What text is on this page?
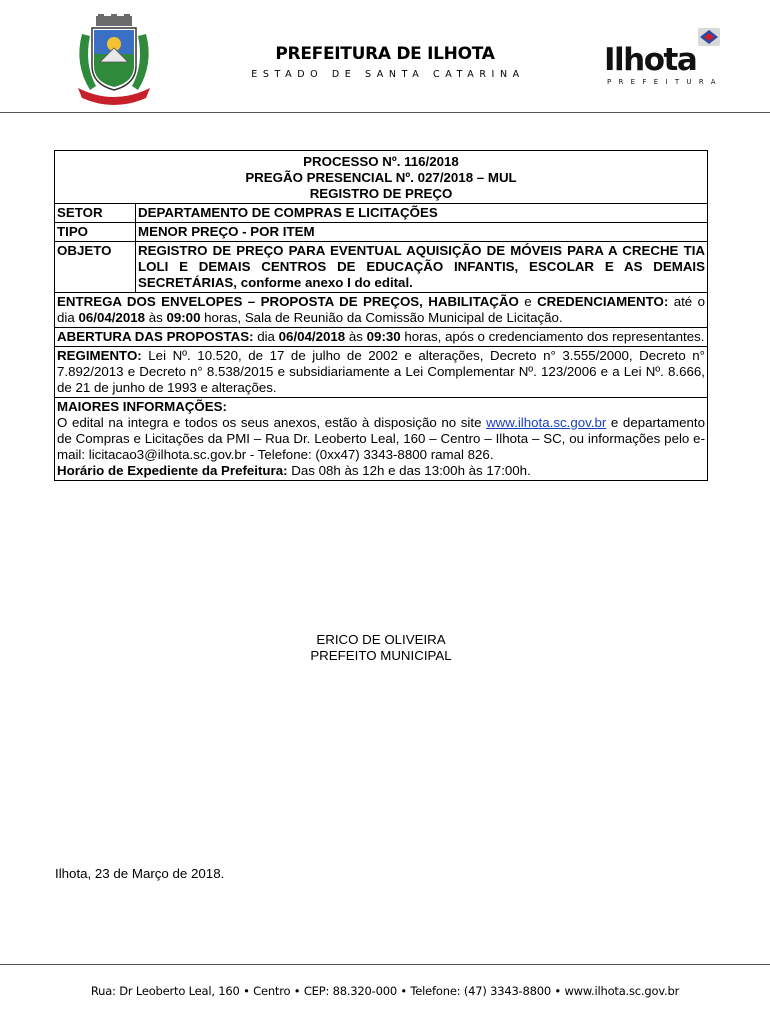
PREFEITURA DE ILHOTA
ESTADO DE SANTA CATARINA	Ilhota
PREFEITURA
PROCESSO Nº. 116/2018
PREGÃO PRESENCIAL Nº. 027/2018 – MUL
REGISTRO DE PREÇO	

SETOR	DEPARTAMENTO DE COMPRAS E LICITAÇÕES
TIPO	MENOR PREÇO - POR ITEM
OBJETO	REGISTRO DE PREÇO PARA EVENTUAL AQUISIÇÃO DE MÓVEIS PARA A CRECHE TIA LOLI E DEMAIS CENTROS DE EDUCAÇÃO INFANTIS, ESCOLAR E AS DEMAIS SECRETÁRIAS, conforme anexo I do edital.
ENTREGA DOS ENVELOPES – PROPOSTA DE PREÇOS, HABILITAÇÃO e CREDENCIAMENTO: até o dia 06/04/2018 às 09:00 horas, Sala de Reunião da Comissão Municipal de Licitação.	
ABERTURA DAS PROPOSTAS: dia 06/04/2018 às 09:30 horas, após o credenciamento dos representantes.	
REGIMENTO: Lei Nº. 10.520, de 17 de julho de 2002 e alterações, Decreto n° 3.555/2000, Decreto n° 7.892/2013 e Decreto n° 8.538/2015 e subsidiariamente a Lei Complementar Nº. 123/2006 e a Lei Nº. 8.666, de 21 de junho de 1993 e alterações.	

MAIORES INFORMAÇÕES:
O edital na integra e todos os seus anexos, estão à disposição no site www.ilhota.sc.gov.br e departamento de Compras e Licitações da PMI – Rua Dr. Leoberto Leal, 160 – Centro – Ilhota – SC, ou informações pelo e-mail: licitacao3@ilhota.sc.gov.br - Telefone: (0xx47) 3343-8800 ramal 826.
Horário de Expediente da Prefeitura: Das 08h às 12h e das 13:00h às 17:00h.	
ERICO DE OLIVEIRA
PREFEITO MUNICIPAL
Ilhota, 23 de Março de 2018.
Rua: Dr Leoberto Leal, 160 • Centro • CEP: 88.320-000 • Telefone: (47) 3343-8800 • www.ilhota.sc.gov.br
